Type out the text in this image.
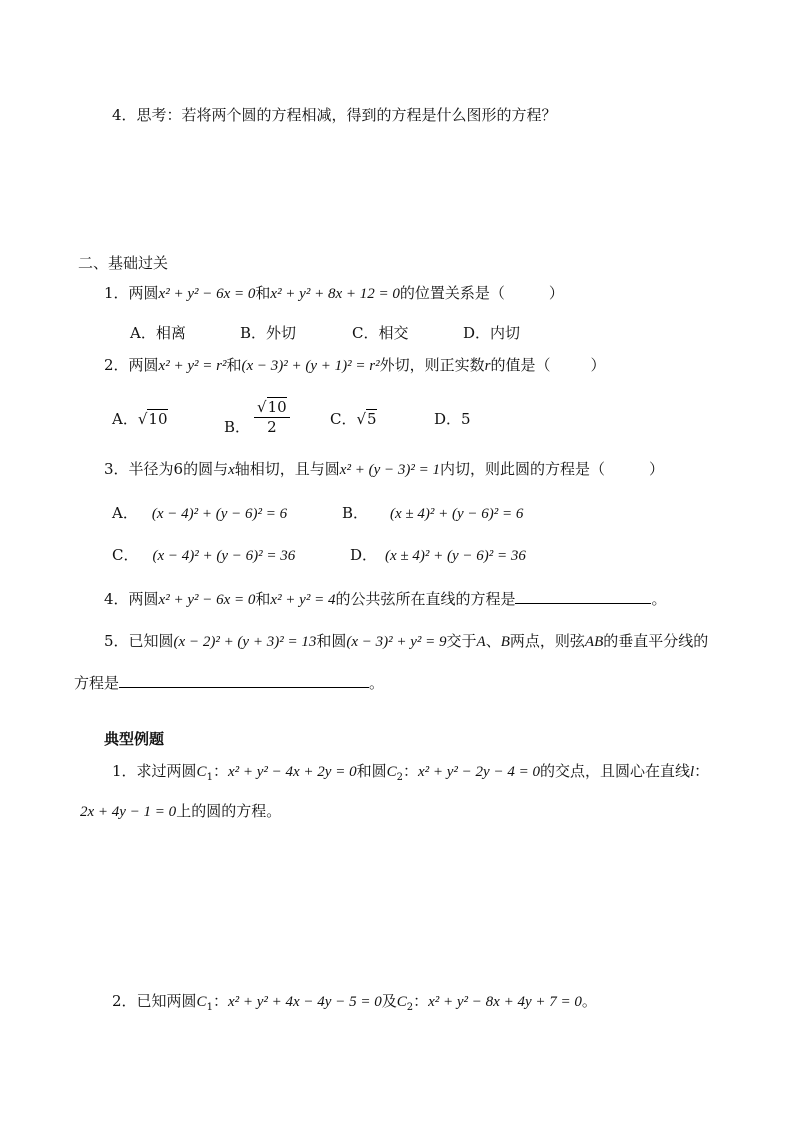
4．思考：若将两个圆的方程相减，得到的方程是什么图形的方程？
二、基础过关
1．两圆x² + y² − 6x = 0和x² + y² + 8x + 12 = 0的位置关系是（	）
A．相离	B．外切	C．相交	D．内切
2．两圆x² + y² = r²和(x − 3)² + (y + 1)² = r²外切，则正实数r的值是（	）
A．√10	B． $\frac{√10}{2}$	C．√5	D．5
3．半径为6的圆与x轴相切，且与圆x² + (y − 3)² = 1内切，则此圆的方程是（	）
A． (x − 4)² + (y − 6)² = 6	B． (x ± 4)² + (y − 6)² = 6
C． (x − 4)² + (y − 6)² = 36	D． (x ± 4)² + (y − 6)² = 36
4．两圆x² + y² − 6x = 0和x² + y² = 4的公共弦所在直线的方程是	。
5．已知圆(x − 2)² + (y + 3)² = 13和圆(x − 3)² + y² = 9交于A、B两点，则弦AB的垂直平分线的
方程是	。
典型例题
1．求过两圆$C_1$：x² + y² − 4x + 2y = 0和圆$C_2$：x² + y² − 2y − 4 = 0的交点，且圆心在直线l：
2x + 4y − 1 = 0上的圆的方程。
2．已知两圆$C_1$：x² + y² + 4x − 4y − 5 = 0及$C_2$：x² + y² − 8x + 4y + 7 = 0。
